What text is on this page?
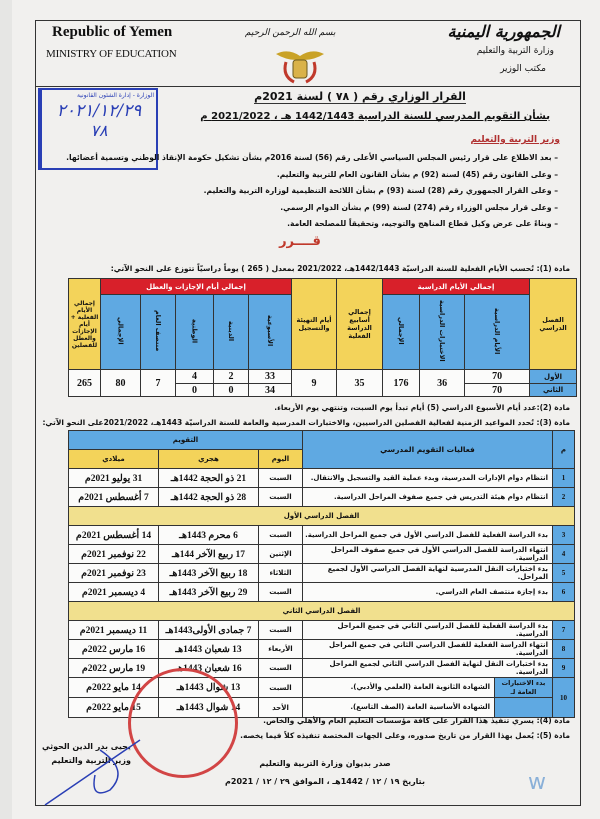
Republic of Yemen
MINISTRY OF EDUCATION
الجمهورية اليمنية
وزارة التربية والتعليم
مكتب الوزير
بسم الله الرحمن الرحيم
الوزارة - إدارة الشئون القانونية
٢٠٢١/١٢/٢٩
٧٨
القرار الوزاري رقم ( ٧٨ ) لسنة 2021م
بشأن التقويم المدرسي للسنة الدراسية 1442/1443 هـ ، 2021/2022 م
وزير التربية والتعليم
– بعد الاطلاع على قرار رئيس المجلس السياسي الأعلى رقم (56) لسنة 2016م بشأن تشكيل حكومة الإنقاذ الوطني وتسمية أعضائها.
– وعلى القانون رقم (45) لسنة (92) م بشأن القانون العام للتربية والتعليم.
– وعلى القرار الجمهوري رقم (28) لسنة (93) م بشأن اللائحة التنظيمية لوزارة التربية والتعليم.
– وعلى قرار مجلس الوزراء رقم (274) لسنة (99) م بشأن الدوام الرسمي.
– وبناءً على عرض وكيل قطاع المناهج والتوجيه، وتحقيقاً للمصلحة العامة.
قــــرر
مادة (1): تُحسب الأيام الفعلية للسنة الدراسيّة 1442/1443هـ، 2021/2022 بمعدل ( 265 ) يوماً دراسيّاً تتوزع على النحو الآتي:
الفصل الدراسي	إجمالي الأيام الدراسية			إجمالي أسابيع الدراسة الفعلية	أيام التهيئة والتسجيل	إجمالي أيام الإجازات والعطل					إجمالي الأيام الفعلية + أيام الإجازات والعطل للفصلين
	الأيام الدراسية	الاختبارات الدراسية	الإجمالي			الأسبوعية	الدينية	الوطنية	منتصف العام	الإجمالي	
الأول	70	36	176	35	9	33	2	4	7	80	265
الثاني	70					34	0	0			
مادة (2):عدد أيام الأسبوع الدراسي (5) أيام تبدأ يوم السبت، وتنتهي يوم الأربعاء.
مادة (3): تُحدد المواعيد الزمنية لفعالية الفصلين الدراسيين، والاختبارات المدرسية والعامة للسنة الدراسيّة 1443هـ، 2021/2022على النحو الآتي:
م	فعاليات التقويم المدرسي	التقويم		
		اليوم	هجري	ميلادي
1	انتظام دوام الإدارات المدرسية، وبدء عملية القيد والتسجيل والانتقال.	السبت	21 ذو الحجة 1442هـ	31 يوليو 2021م
2	انتظام دوام هيئة التدريس في جميع صفوف المراحل الدراسية.	السبت	28 ذو الحجة 1442هـ	7 أغسطس 2021م
الفصل الدراسي الأول				
3	بدء الدراسة الفعلية للفصل الدراسي الأول في جميع المراحل الدراسية.	السبت	6 محرم 1443هـ	14 أغسطس 2021م
4	انتهاء الدراسة للفصل الدراسي الأول في جميع صفوف المراحل الدراسية.	الإثنين	17 ربيع الآخر 144هـ	22 نوفمبر 2021م
5	بدء اختبارات النقل المدرسية لنهاية الفصل الدراسي الأول لجميع المراحل.	الثلاثاء	18 ربيع الآخر 1443هـ	23 نوفمبر 2021م
6	بدء إجازة منتصف العام الدراسي.	السبت	29 ربيع الآخر 1443هـ	4 ديسمبر 2021م
الفصل الدراسي الثاني				
7	بدء الدراسة الفعلية للفصل الدراسي الثاني في جميع المراحل الدراسية.	السبت	7 جمادى الأولى1443هـ	11 ديسمبر 2021م
8	انتهاء الدراسة الفعلية للفصل الدراسي الثاني في جميع المراحل الدراسية.	الأربعاء	13 شعبان 1443هـ	16 مارس 2022م
9	بدء اختبارات النقل لنهاية الفصل الدراسي الثاني لجميع المراحل الدراسية.	السبت	16 شعبان 1443هـ	19 مارس 2022م
10	بدء الاختبارات العامة لـ
الشهادة الثانوية العامة (العلمي والأدبي).	السبت	13 شوال 1443هـ	14 مايو 2022م

	الشهادة الأساسية العامة (الصف التاسع).	الأحد	14 شوال 1443هـ	15 مايو 2022م
مادة (4): يسري تنفيذ هذا القرار على كافة مؤسسات التعليم العام والأهلي والخاص.
مادة (5): يُعمل بهذا القرار من تاريخ صدوره، وعلى الجهات المختصة تنفيذه كلاً فيما يخصه.
يحيى بدر الدين الحوثي
وزير التربية والتعليم	صدر بديوان وزارة التربية والتعليم
بتاريخ ١٩ / ١٢ / 1442هـ ، الموافق ٢٩ / ١٢ / 2021م	w
